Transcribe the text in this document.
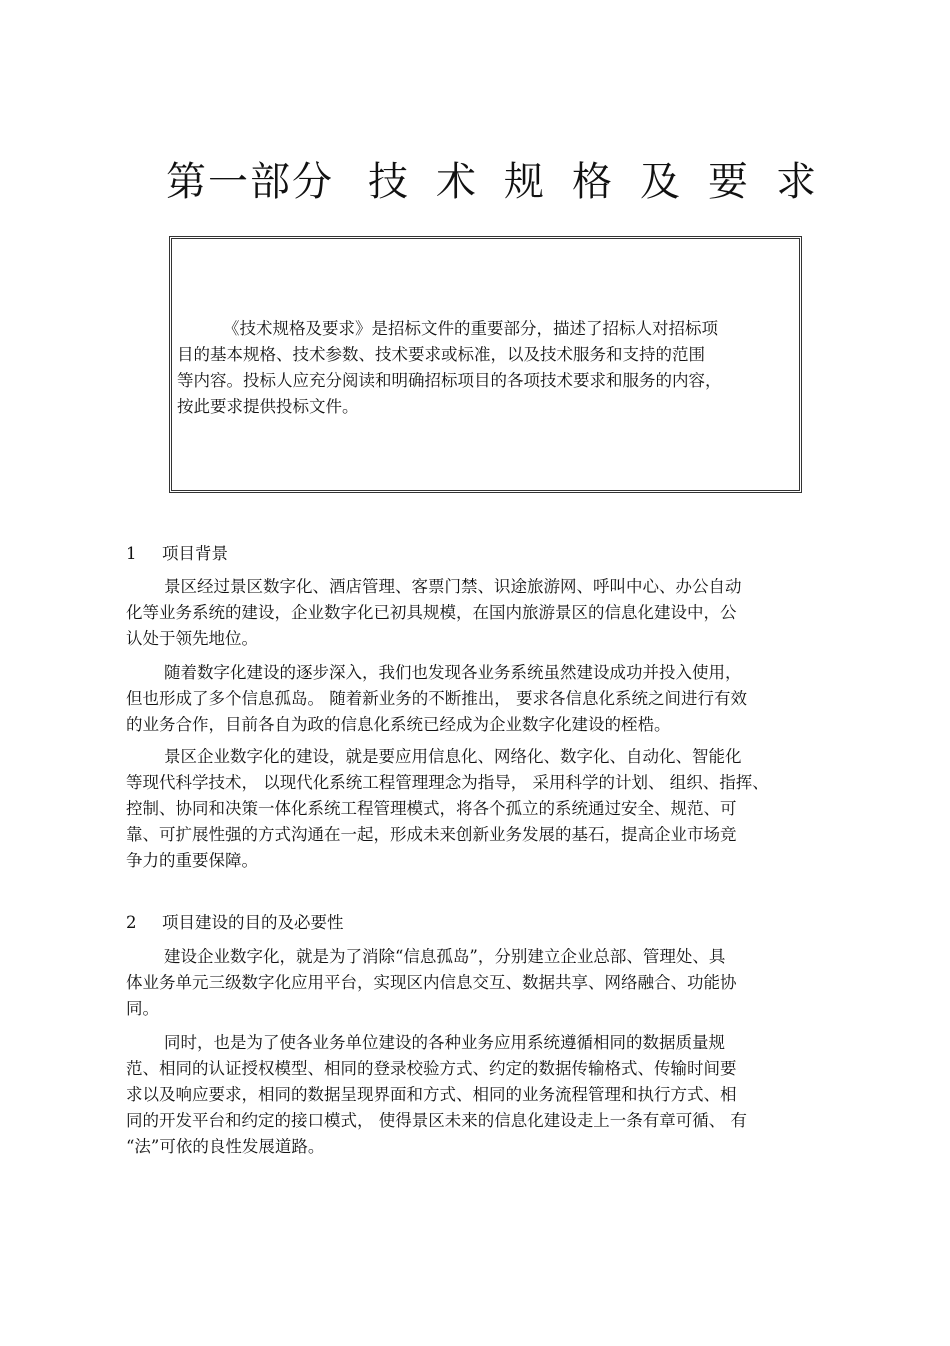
第一部分 技术规格及要求
《技术规格及要求》是招标文件的重要部分，描述了招标人对招标项
目的基本规格、技术参数、技术要求或标准，以及技术服务和支持的范围
等内容。投标人应充分阅读和明确招标项目的各项技术要求和服务的内容，
按此要求提供投标文件。
1 项目背景
景区经过景区数字化、酒店管理、客票门禁、识途旅游网、呼叫中心、办公自动
化等业务系统的建设，企业数字化已初具规模，在国内旅游景区的信息化建设中，公
认处于领先地位。
随着数字化建设的逐步深入，我们也发现各业务系统虽然建设成功并投入使用，
但也形成了多个信息孤岛。 随着新业务的不断推出， 要求各信息化系统之间进行有效
的业务合作，目前各自为政的信息化系统已经成为企业数字化建设的桎梏。
景区企业数字化的建设，就是要应用信息化、网络化、数字化、自动化、智能化
等现代科学技术， 以现代化系统工程管理理念为指导， 采用科学的计划、 组织、指挥、
控制、协同和决策一体化系统工程管理模式，将各个孤立的系统通过安全、规范、可
靠、可扩展性强的方式沟通在一起，形成未来创新业务发展的基石，提高企业市场竞
争力的重要保障。
2 项目建设的目的及必要性
建设企业数字化，就是为了消除“信息孤岛”，分别建立企业总部、管理处、具
体业务单元三级数字化应用平台，实现区内信息交互、数据共享、网络融合、功能协
同。
同时，也是为了使各业务单位建设的各种业务应用系统遵循相同的数据质量规
范、相同的认证授权模型、相同的登录校验方式、约定的数据传输格式、传输时间要
求以及响应要求，相同的数据呈现界面和方式、相同的业务流程管理和执行方式、相
同的开发平台和约定的接口模式， 使得景区未来的信息化建设走上一条有章可循、 有
“法”可依的良性发展道路。
